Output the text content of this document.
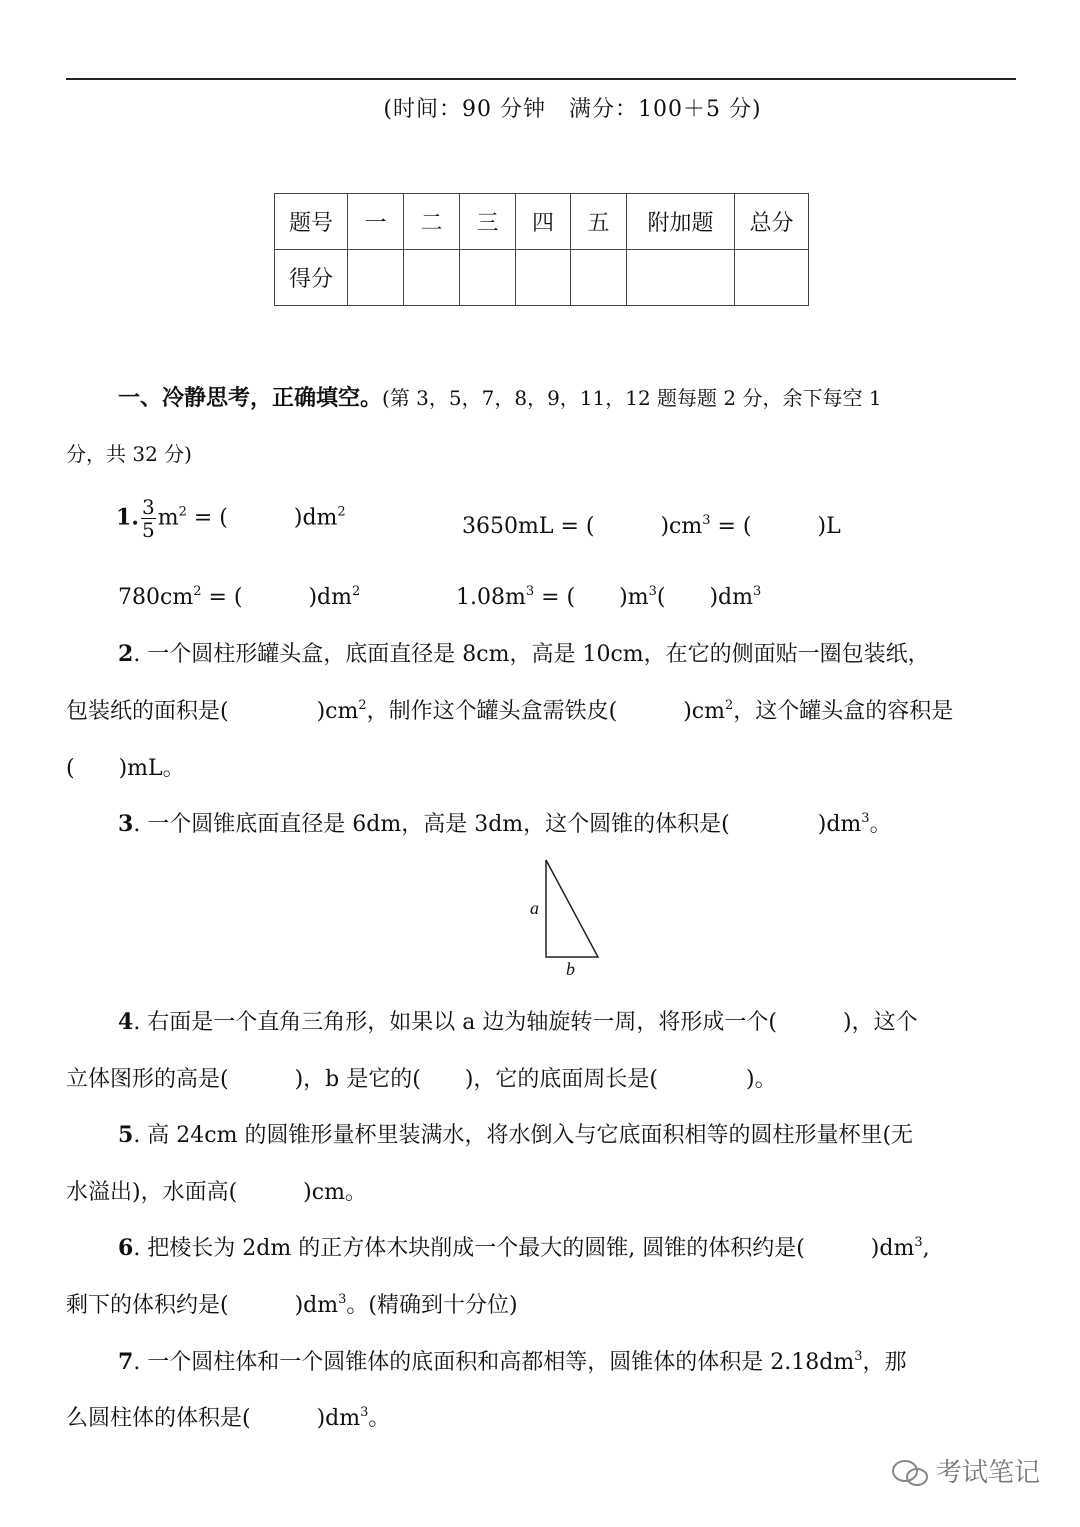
(时间：90 分钟　满分：100＋5 分)
题号	一	二	三	四	五	附加题	总分
得分							
一、冷静思考，正确填空。(第 3，5，7，8，9，11，12 题每题 2 分，余下每空 1
分，共 32 分)
1. $\frac{3}{5} m^2$ = (　　　)$dm^2$
3650mL = (　　　)$cm^3$ = (　　　)L
$780cm^2$ = (　　　)$dm^2$	$1.08m^3$ = (　　)$m^3$(　　)$dm^3$
2. 一个圆柱形罐头盒，底面直径是 8cm，高是 10cm，在它的侧面贴一圈包装纸，
包装纸的面积是(　　　　)$cm^2$，制作这个罐头盒需铁皮(　　　)$cm^2$，这个罐头盒的容积是
(　　)mL。
3. 一个圆锥底面直径是 6dm，高是 3dm，这个圆锥的体积是(　　　　)$dm^3$。
a
b
4. 右面是一个直角三角形，如果以 a 边为轴旋转一周，将形成一个(　　　)，这个
立体图形的高是(　　　)，b 是它的(　　)，它的底面周长是(　　　　)。
5. 高 24cm 的圆锥形量杯里装满水，将水倒入与它底面积相等的圆柱形量杯里(无
水溢出)，水面高(　　　)cm。
6. 把棱长为 2dm 的正方体木块削成一个最大的圆锥, 圆锥的体积约是(　　　)$dm^3$,
剩下的体积约是(　　　)$dm^3$。(精确到十分位)
7. 一个圆柱体和一个圆锥体的底面积和高都相等，圆锥体的体积是 $2.18dm^3$，那
么圆柱体的体积是(　　　)$dm^3$。
考试笔记
